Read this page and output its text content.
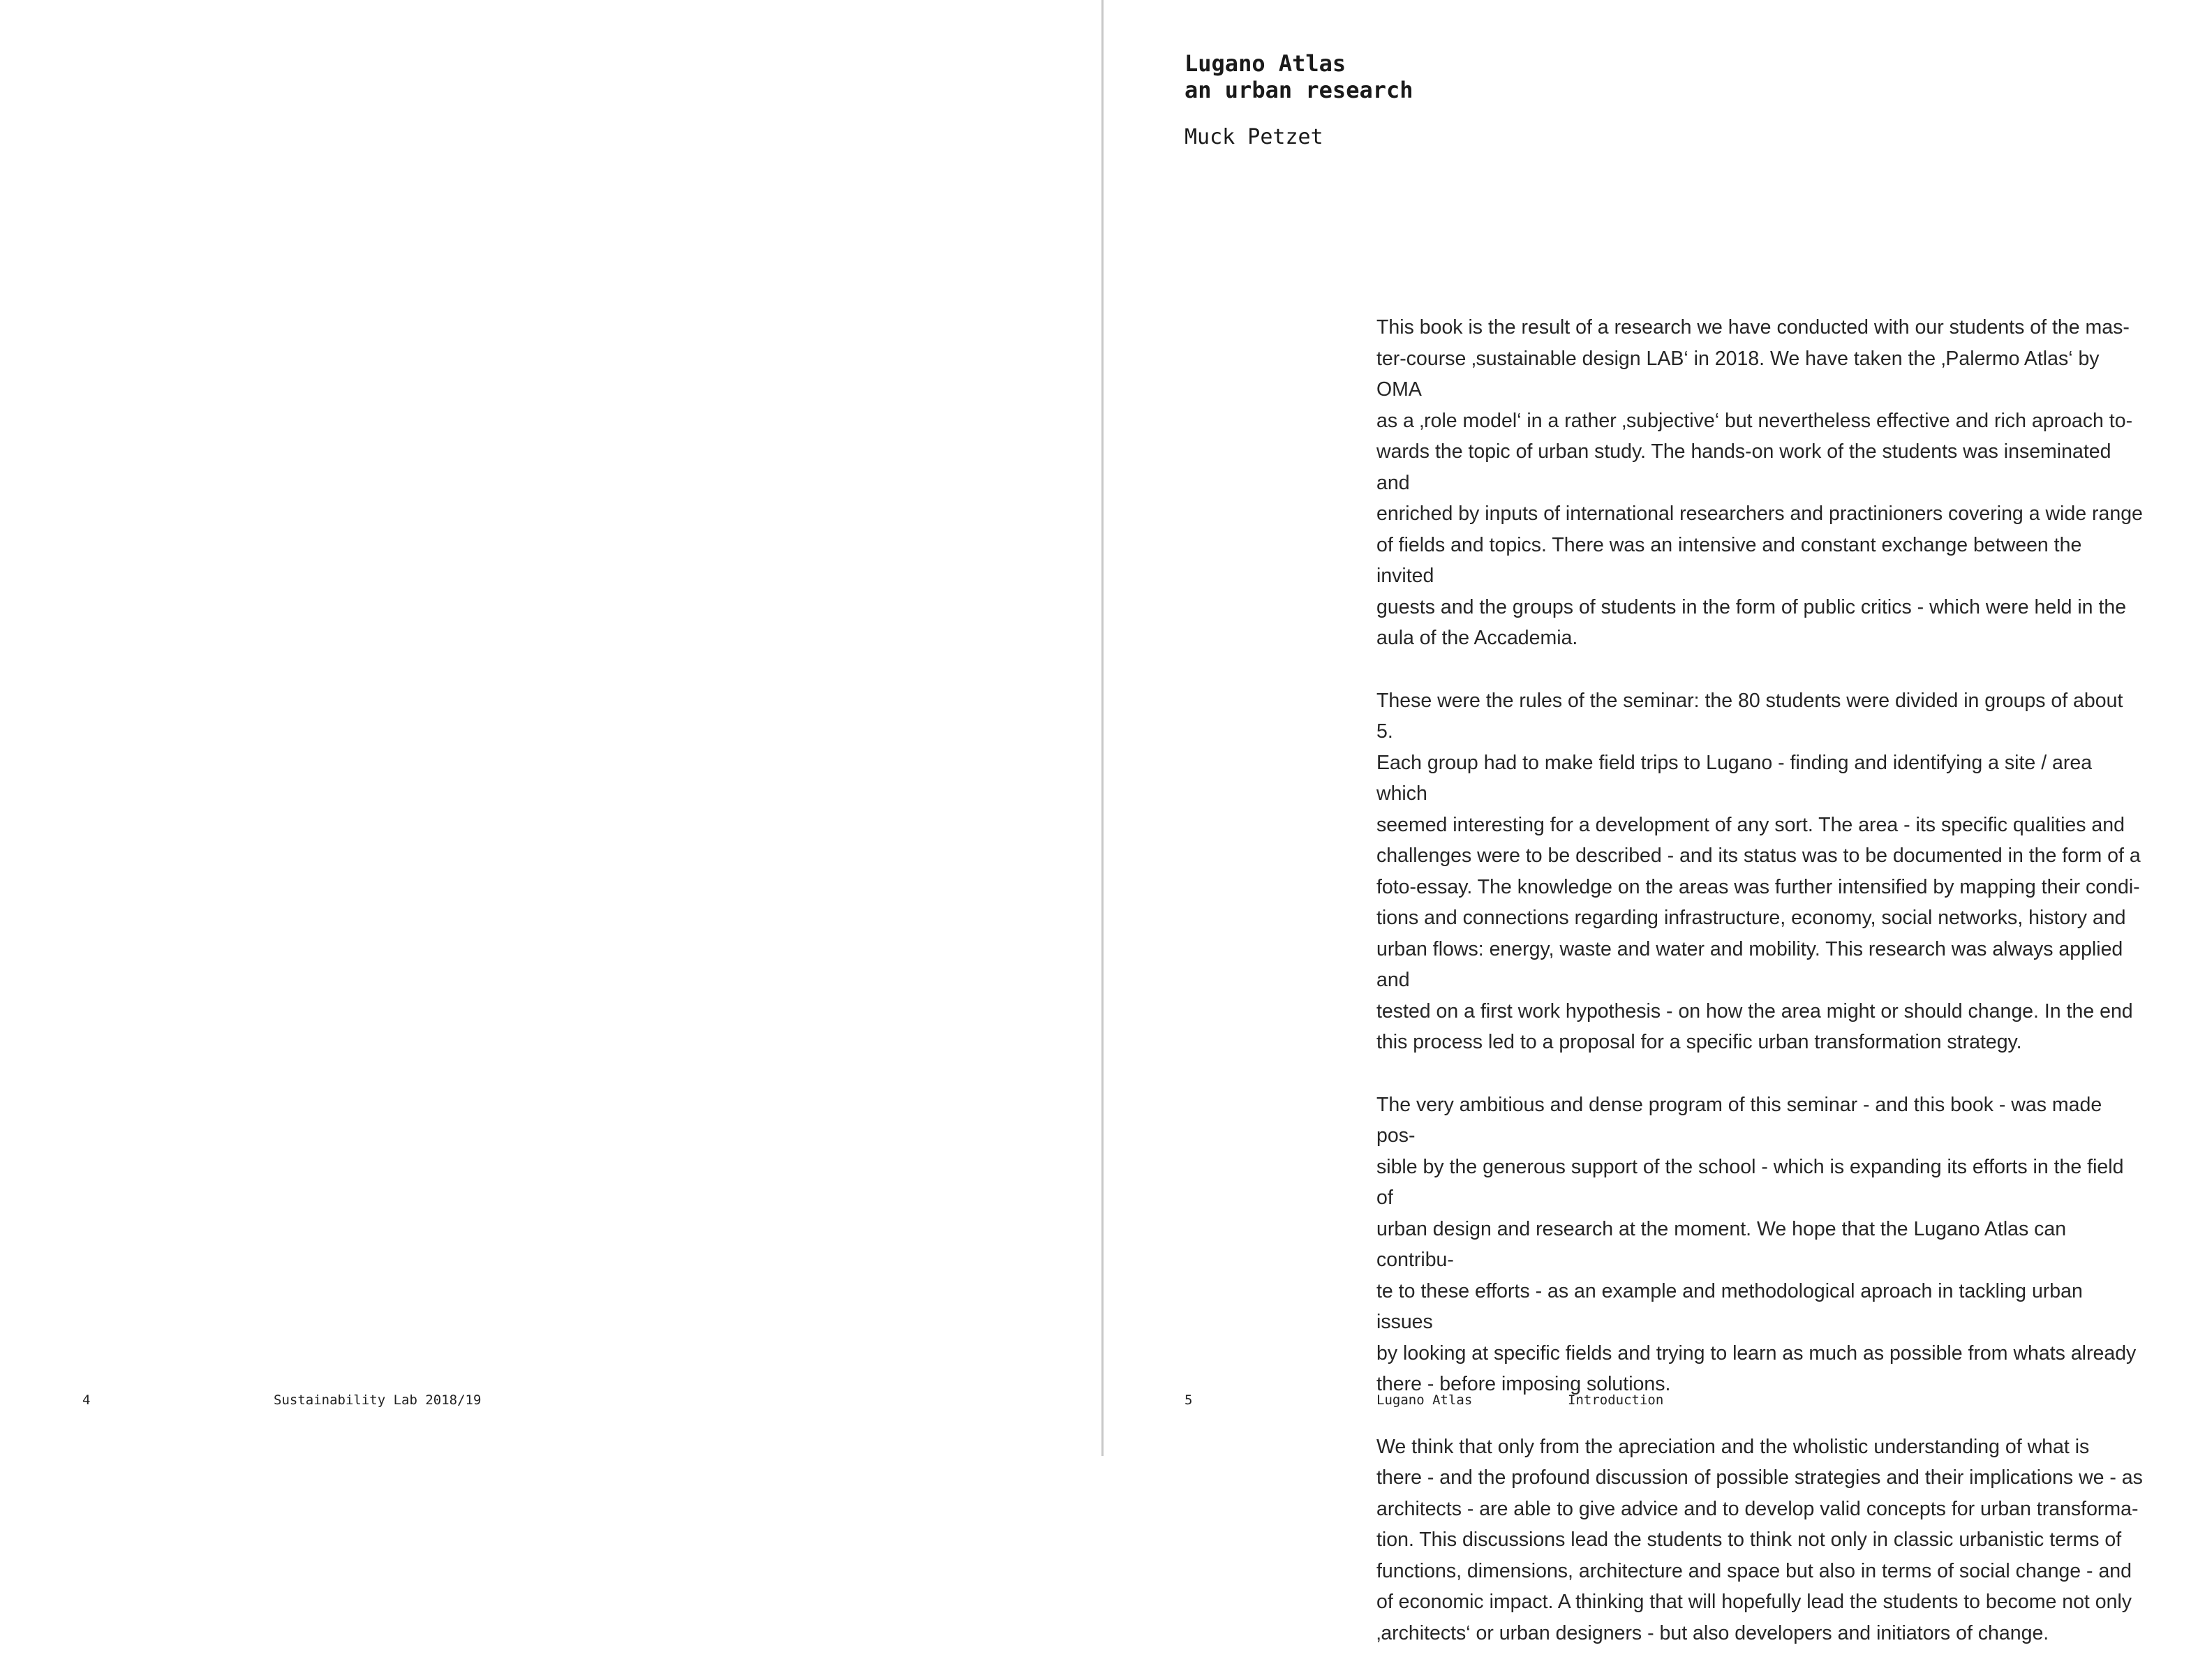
4	Sustainability Lab 2018/19
Lugano Atlas
an urban research
Muck Petzet

This book is the result of a research we have conducted with our students of the mas-
ter-course ‚sustainable design LAB‘ in 2018. We have taken the ‚Palermo Atlas‘ by OMA
as a ‚role model‘ in a rather ‚subjective‘ but nevertheless effective and rich aproach to-
wards the topic of urban study. The hands-on work of the students was inseminated and
enriched by inputs of international researchers and practinioners covering a wide range
of fields and topics. There was an intensive and constant exchange between the invited
guests and the groups of students in the form of public critics - which were held in the
aula of the Accademia.

These were the rules of the seminar: the 80 students were divided in groups of about 5.
Each group had to make field trips to Lugano - finding and identifying a site / area which
seemed interesting for a development of any sort. The area - its specific qualities and
challenges were to be described - and its status was to be documented in the form of a
foto-essay. The knowledge on the areas was further intensified by mapping their condi-
tions and connections regarding infrastructure, economy, social networks, history and
urban flows: energy, waste and water and mobility. This research was always applied and
tested on a first work hypothesis - on how the area might or should change. In the end
this process led to a proposal for a specific urban transformation strategy.

The very ambitious and dense program of this seminar - and this book - was made pos-
sible by the generous support of the school - which is expanding its efforts in the field of
urban design and research at the moment. We hope that the Lugano Atlas can contribu-
te to these efforts - as an example and methodological aproach in tackling urban issues
by looking at specific fields and trying to learn as much as possible from whats already
there - before imposing solutions.

We think that only from the apreciation and the wholistic understanding of what is
there - and the profound discussion of possible strategies and their implications we - as
architects - are able to give advice and to develop valid concepts for urban transforma-
tion. This discussions lead the students to think not only in classic urbanistic terms of
functions, dimensions, architecture and space but also in terms of social change - and
of economic impact. A thinking that will hopefully lead the students to become not only
‚architects‘ or urban designers - but also developers and initiators of change.

5	Lugano Atlas	Introduction
